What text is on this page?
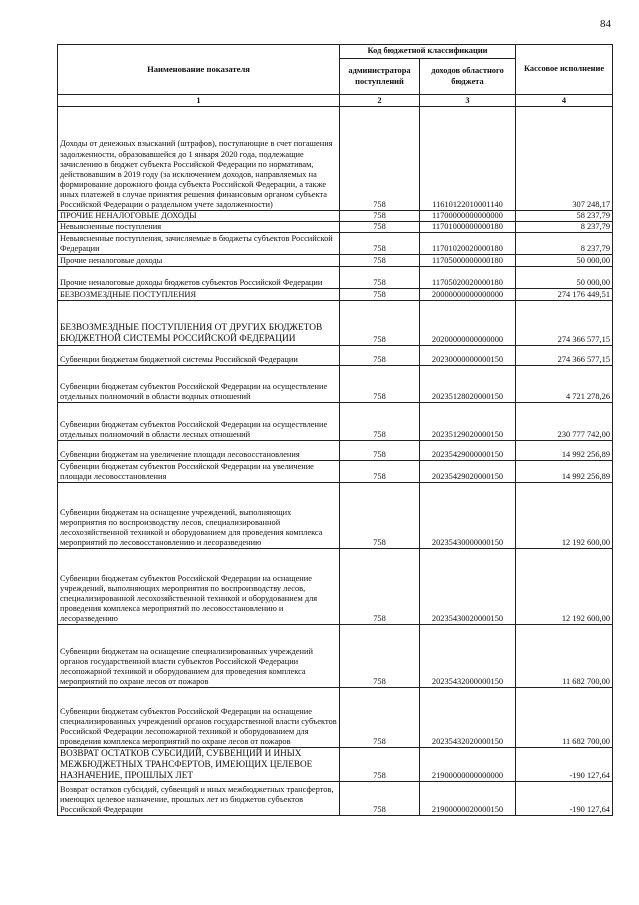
84
Наименование показателя	Код бюджетной классификации		Кассовое исполнение
	администратора поступлений	доходов областного бюджета	
1	2	3	4
Доходы от денежных взысканий (штрафов), поступающие в счет погашения задолженности, образовавшейся до 1 января 2020 года, подлежащие зачислению в бюджет субъекта Российской Федерации по нормативам, действовавшим в 2019 году (за исключением доходов, направляемых на формирование дорожного фонда субъекта Российской Федерации, а также иных платежей в случае принятия решения финансовым органом субъекта Российской Федерации о раздельном учете задолженности)	758	11610122010001140	307 248,17
ПРОЧИЕ НЕНАЛОГОВЫЕ ДОХОДЫ	758	11700000000000000	58 237,79
Невыясненные поступления	758	11701000000000180	8 237,79
Невыясненные поступления, зачисляемые в бюджеты субъектов Российской Федерации	758	11701020020000180	8 237,79
Прочие неналоговые доходы	758	11705000000000180	50 000,00
Прочие неналоговые доходы бюджетов субъектов Российской Федерации	758	11705020020000180	50 000,00
БЕЗВОЗМЕЗДНЫЕ ПОСТУПЛЕНИЯ	758	20000000000000000	274 176 449,51
БЕЗВОЗМЕЗДНЫЕ ПОСТУПЛЕНИЯ ОТ ДРУГИХ БЮДЖЕТОВ БЮДЖЕТНОЙ СИСТЕМЫ РОССИЙСКОЙ ФЕДЕРАЦИИ	758	20200000000000000	274 366 577,15
Субвенции бюджетам бюджетной системы Российской Федерации	758	20230000000000150	274 366 577,15
Субвенции бюджетам субъектов Российской Федерации на осуществление отдельных полномочий в области водных отношений	758	20235128020000150	4 721 278,26
Субвенции бюджетам субъектов Российской Федерации на осуществление отдельных полномочий в области лесных отношений	758	20235129020000150	230 777 742,00
Субвенции бюджетам на увеличение площади лесовосстановления	758	20235429000000150	14 992 256,89
Субвенции бюджетам субъектов Российской Федерации на увеличение площади лесовосстановления	758	20235429020000150	14 992 256,89
Субвенции бюджетам на оснащение учреждений, выполняющих мероприятия по воспроизводству лесов, специализированной лесохозяйственной техникой и оборудованием для проведения комплекса мероприятий по лесовосстановлению и лесоразведению	758	20235430000000150	12 192 600,00
Субвенции бюджетам субъектов Российской Федерации на оснащение учреждений, выполняющих мероприятия по воспроизводству лесов, специализированной лесохозяйственной техникой и оборудованием для проведения комплекса мероприятий по лесовосстановлению и лесоразведению	758	20235430020000150	12 192 600,00
Субвенции бюджетам на оснащение специализированных учреждений органов государственной власти субъектов Российской Федерации лесопожарной техникой и оборудованием для проведения комплекса мероприятий по охране лесов от пожаров	758	20235432000000150	11 682 700,00
Субвенции бюджетам субъектов Российской Федерации на оснащение специализированных учреждений органов государственной власти субъектов Российской Федерации лесопожарной техникой и оборудованием для проведения комплекса мероприятий по охране лесов от пожаров	758	20235432020000150	11 682 700,00
ВОЗВРАТ ОСТАТКОВ СУБСИДИЙ, СУБВЕНЦИЙ И ИНЫХ МЕЖБЮДЖЕТНЫХ ТРАНСФЕРТОВ, ИМЕЮЩИХ ЦЕЛЕВОЕ НАЗНАЧЕНИЕ, ПРОШЛЫХ ЛЕТ	758	21900000000000000	-190 127,64
Возврат остатков субсидий, субвенций и иных межбюджетных трансфертов, имеющих целевое назначение, прошлых лет из бюджетов субъектов Российской Федерации	758	21900000020000150	-190 127,64
